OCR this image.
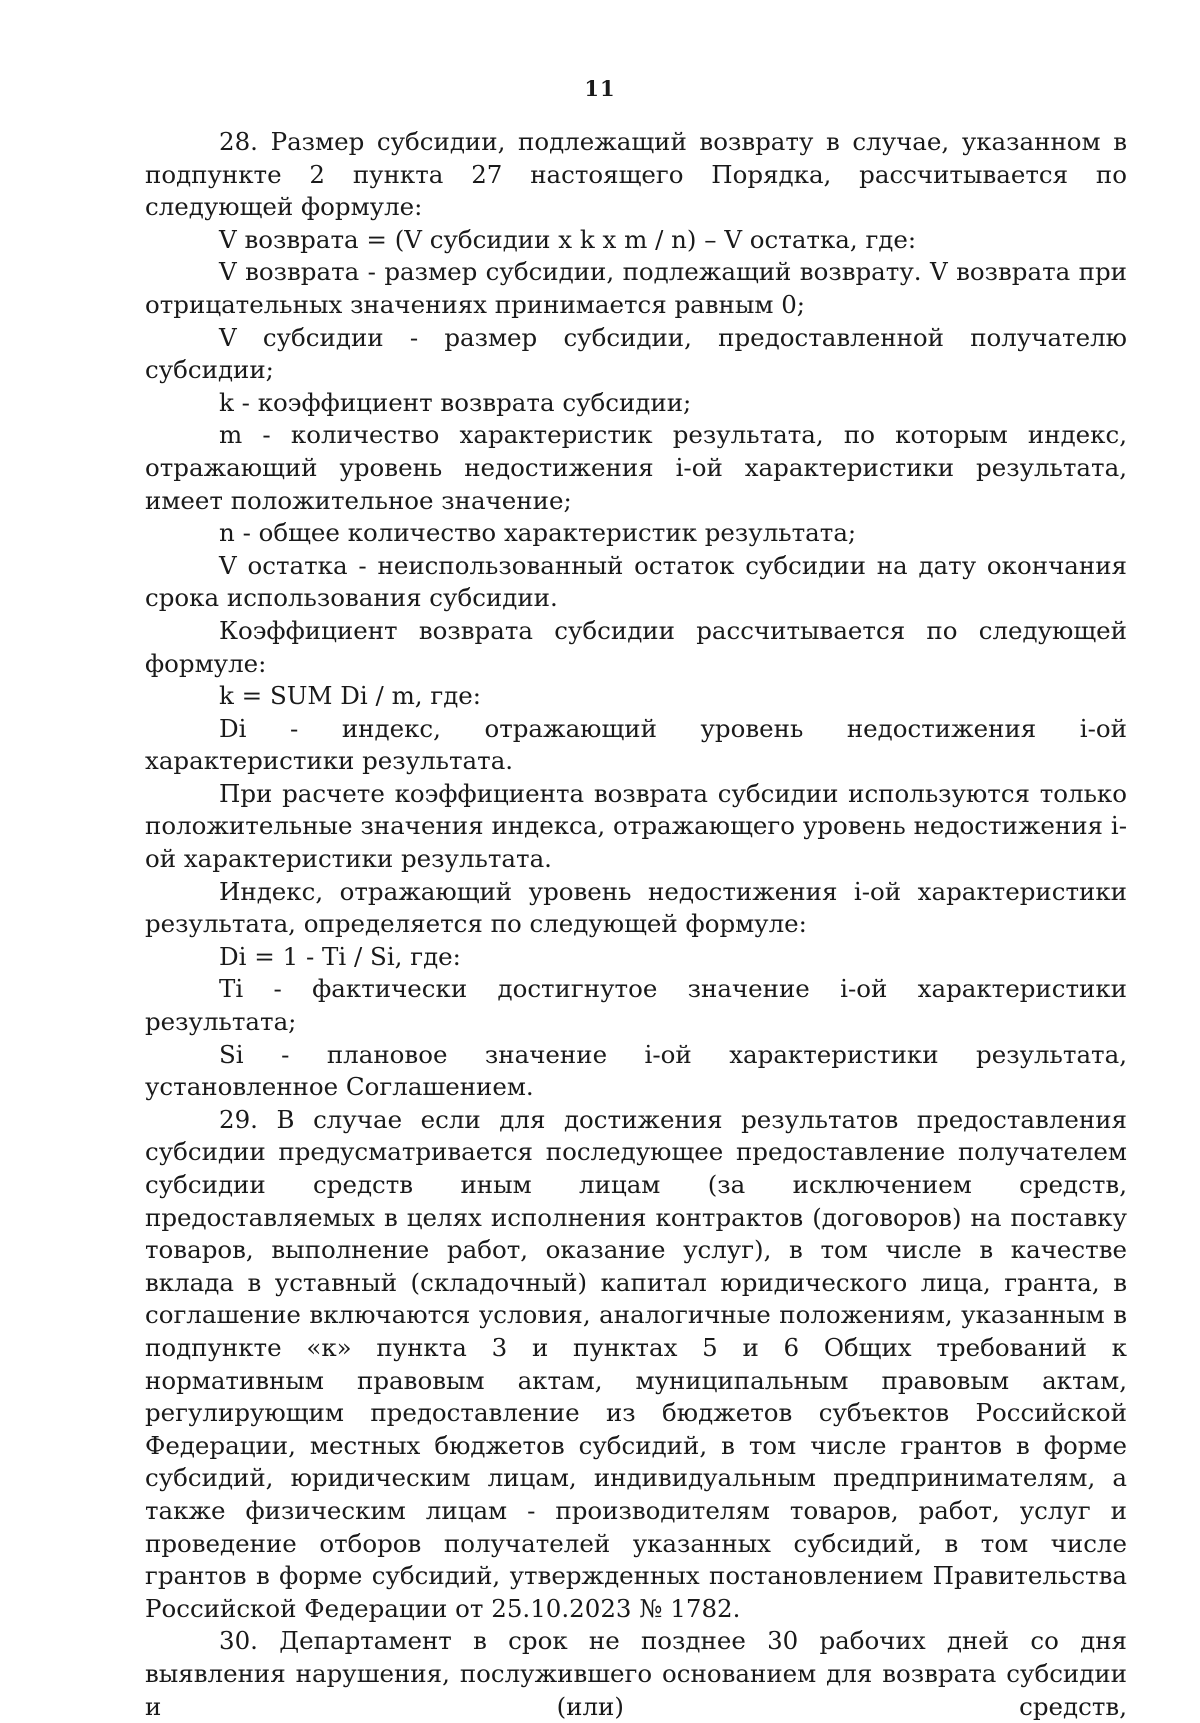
11

28. Размер субсидии, подлежащий возврату в случае, указанном в подпункте 2 пункта 27 настоящего Порядка, рассчитывается по следующей формуле:

V возврата = (V субсидии x k x m / n) – V остатка, где:

V возврата - размер субсидии, подлежащий возврату. V возврата при отрицательных значениях принимается равным 0;

V субсидии - размер субсидии, предоставленной получателю субсидии;

k - коэффициент возврата субсидии;

m - количество характеристик результата, по которым индекс, отражающий уровень недостижения i-ой характеристики результата, имеет положительное значение;

n - общее количество характеристик результата;

V остатка - неиспользованный остаток субсидии на дату окончания срока использования субсидии.

Коэффициент возврата субсидии рассчитывается по следующей формуле:

k = SUM Di / m, где:

Di - индекс, отражающий уровень недостижения i-ой характеристики результата.

При расчете коэффициента возврата субсидии используются только положительные значения индекса, отражающего уровень недостижения i-ой характеристики результата.

Индекс, отражающий уровень недостижения i-ой характеристики результата, определяется по следующей формуле:

Di = 1 - Ti / Si, где:

Ti - фактически достигнутое значение i-ой характеристики результата;

Si - плановое значение i-ой характеристики результата, установленное Соглашением.

29. В случае если для достижения результатов предоставления субсидии предусматривается последующее предоставление получателем субсидии средств иным лицам (за исключением средств, предоставляемых в целях исполнения контрактов (договоров) на поставку товаров, выполнение работ, оказание услуг), в том числе в качестве вклада в уставный (складочный) капитал юридического лица, гранта, в соглашение включаются условия, аналогичные положениям, указанным в подпункте «к» пункта 3 и пунктах 5 и 6 Общих требований к нормативным правовым актам, муниципальным правовым актам, регулирующим предоставление из бюджетов субъектов Российской Федерации, местных бюджетов субсидий, в том числе грантов в форме субсидий, юридическим лицам, индивидуальным предпринимателям, а также физическим лицам - производителям товаров, работ, услуг и проведение отборов получателей указанных субсидий, в том числе грантов в форме субсидий, утвержденных постановлением Правительства Российской Федерации от 25.10.2023 № 1782.

30. Департамент в срок не позднее 30 рабочих дней со дня выявления нарушения, послужившего основанием для возврата субсидии и (или) средств,
